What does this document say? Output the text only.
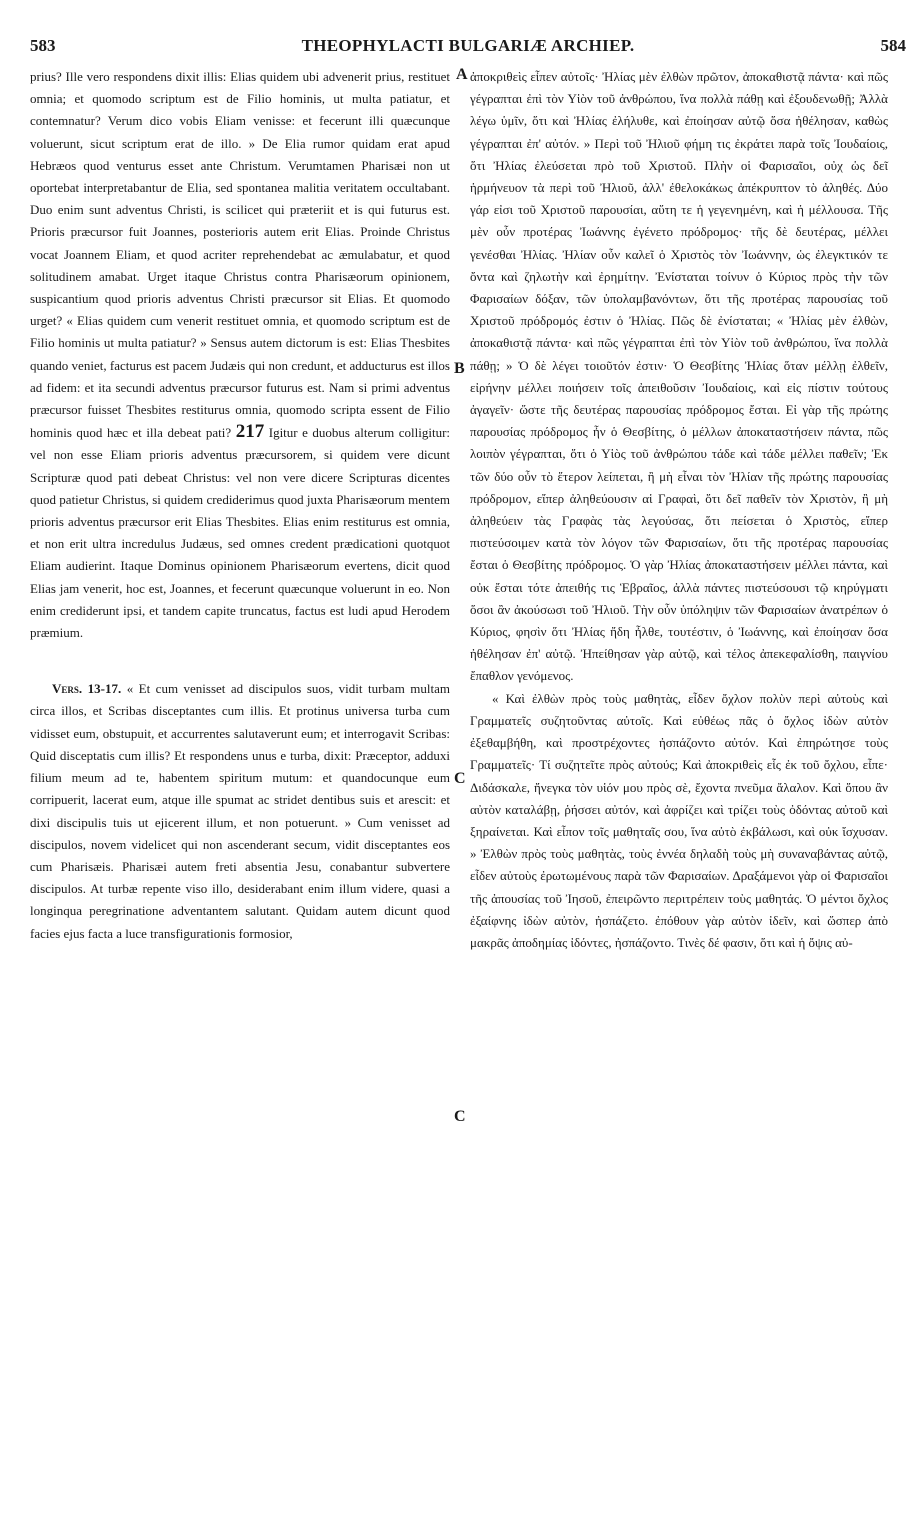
583	THEOPHYLACTI BULGARIÆ ARCHIEP.	584
A
B
C
C

prius? Ille vero respondens dixit illis: Elias quidem ubi advenerit prius, restituet omnia; et quomodo scriptum est de Filio hominis, ut multa patiatur, et contemnatur? Verum dico vobis Eliam venisse: et fecerunt illi quæcunque voluerunt, sicut scriptum erat de illo. » De Elia rumor quidam erat apud Hebræos quod venturus esset ante Christum. Verumtamen Pharisæi non ut oportebat interpretabantur de Elia, sed spontanea malitia veritatem occultabant. Duo enim sunt adventus Christi, is scilicet qui præteriit et is qui futurus est. Prioris præcursor fuit Joannes, posterioris autem erit Elias. Proinde Christus vocat Joannem Eliam, et quod acriter reprehendebat ac æmulabatur, et quod solitudinem amabat. Urget itaque Christus contra Pharisæorum opinionem, suspicantium quod prioris adventus Christi præcursor sit Elias. Et quomodo urget? « Elias quidem cum venerit restituet omnia, et quomodo scriptum est de Filio hominis ut multa patiatur? » Sensus autem dictorum is est: Elias Thesbites quando veniet, facturus est pacem Judæis qui non credunt, et adducturus est illos ad fidem: et ita secundi adventus præcursor futurus est. Nam si primi adventus præcursor fuisset Thesbites restiturus omnia, quomodo scripta essent de Filio hominis quod hæc et illa debeat pati? 217 Igitur e duobus alterum colligitur: vel non esse Eliam prioris adventus præcursorem, si quidem vere dicunt Scripturæ quod pati debeat Christus: vel non vere dicere Scripturas dicentes quod patietur Christus, si quidem crediderimus quod juxta Pharisæorum mentem prioris adventus præcursor erit Elias Thesbites. Elias enim restiturus est omnia, et non erit ultra incredulus Judæus, sed omnes credent prædicationi quotquot Eliam audierint. Itaque Dominus opinionem Pharisæorum evertens, dicit quod Elias jam venerit, hoc est, Joannes, et fecerunt quæcunque voluerunt in eo. Non enim crediderunt ipsi, et tandem capite truncatus, factus est ludi apud Herodem præmium.

Vers. 13-17. « Et cum venisset ad discipulos suos, vidit turbam multam circa illos, et Scribas disceptantes cum illis. Et protinus universa turba cum vidisset eum, obstupuit, et accurrentes salutaverunt eum; et interrogavit Scribas: Quid disceptatis cum illis? Et respondens unus e turba, dixit: Præceptor, adduxi filium meum ad te, habentem spiritum mutum: et quandocunque eum corripuerit, lacerat eum, atque ille spumat ac stridet dentibus suis et arescit: et dixi discipulis tuis ut ejicerent illum, et non potuerunt. » Cum venisset ad discipulos, novem videlicet qui non ascenderant secum, vidit disceptantes eos cum Pharisæis. Pharisæi autem freti absentia Jesu, conabantur subvertere discipulos. At turbæ repente viso illo, desiderabant enim illum videre, quasi a longinqua peregrinatione adventantem salutant. Quidam autem dicunt quod facies ejus facta a luce transfigurationis formosior,

ἀποκριθεὶς εἶπεν αὐτοῖς· Ἠλίας μὲν ἐλθὼν πρῶτον, ἀποκαθιστᾷ πάντα· καὶ πῶς γέγραπται ἐπὶ τὸν Υἱὸν τοῦ ἀνθρώπου, ἵνα πολλὰ πάθῃ καὶ ἐξουδενωθῇ; Ἀλλὰ λέγω ὑμῖν, ὅτι καὶ Ἠλίας ἐλήλυθε, καὶ ἐποίησαν αὐτῷ ὅσα ἠθέλησαν, καθὼς γέγραπται ἐπ' αὐτόν. » Περὶ τοῦ Ἠλιοῦ φήμη τις ἐκράτει παρὰ τοῖς Ἰουδαίοις, ὅτι Ἠλίας ἐλεύσεται πρὸ τοῦ Χριστοῦ. Πλὴν οἱ Φαρισαῖοι, οὐχ ὡς δεῖ ἡρμήνευον τὰ περὶ τοῦ Ἠλιοῦ, ἀλλ' ἐθελοκάκως ἀπέκρυπτον τὸ ἀληθές. Δύο γάρ εἰσι τοῦ Χριστοῦ παρουσίαι, αὕτη τε ἡ γεγενημένη, καὶ ἡ μέλλουσα. Τῆς μὲν οὖν προτέρας Ἰωάννης ἐγένετο πρόδρομος· τῆς δὲ δευτέρας, μέλλει γενέσθαι Ἠλίας. Ἠλίαν οὖν καλεῖ ὁ Χριστὸς τὸν Ἰωάννην, ὡς ἐλεγκτικόν τε ὄντα καὶ ζηλωτὴν καὶ ἐρημίτην. Ἐνίσταται τοίνυν ὁ Κύριος πρὸς τὴν τῶν Φαρισαίων δόξαν, τῶν ὑπολαμβανόντων, ὅτι τῆς προτέρας παρουσίας τοῦ Χριστοῦ πρόδρομός ἐστιν ὁ Ἠλίας. Πῶς δὲ ἐνίσταται; « Ἠλίας μὲν ἐλθὼν, ἀποκαθιστᾷ πάντα· καὶ πῶς γέγραπται ἐπὶ τὸν Υἱὸν τοῦ ἀνθρώπου, ἵνα πολλὰ πάθῃ; » Ὁ δὲ λέγει τοιοῦτόν ἐστιν· Ὁ Θεσβίτης Ἠλίας ὅταν μέλλῃ ἐλθεῖν, εἰρήνην μέλλει ποιήσειν τοῖς ἀπειθοῦσιν Ἰουδαίοις, καὶ εἰς πίστιν τούτους ἀγαγεῖν· ὥστε τῆς δευτέρας παρουσίας πρόδρομος ἔσται. Εἰ γὰρ τῆς πρώτης παρουσίας πρόδρομος ἦν ὁ Θεσβίτης, ὁ μέλλων ἀποκαταστήσειν πάντα, πῶς λοιπὸν γέγραπται, ὅτι ὁ Υἱὸς τοῦ ἀνθρώπου τάδε καὶ τάδε μέλλει παθεῖν; Ἐκ τῶν δύο οὖν τὸ ἕτερον λείπεται, ἢ μὴ εἶναι τὸν Ἠλίαν τῆς πρώτης παρουσίας πρόδρομον, εἴπερ ἀληθεύουσιν αἱ Γραφαὶ, ὅτι δεῖ παθεῖν τὸν Χριστὸν, ἢ μὴ ἀληθεύειν τὰς Γραφὰς τὰς λεγούσας, ὅτι πείσεται ὁ Χριστὸς, εἴπερ πιστεύσοιμεν κατὰ τὸν λόγον τῶν Φαρισαίων, ὅτι τῆς προτέρας παρουσίας ἔσται ὁ Θεσβίτης πρόδρομος. Ὁ γὰρ Ἠλίας ἀποκαταστήσειν μέλλει πάντα, καὶ οὐκ ἔσται τότε ἀπειθής τις Ἑβραῖος, ἀλλὰ πάντες πιστεύσουσι τῷ κηρύγματι ὅσοι ἂν ἀκούσωσι τοῦ Ἠλιοῦ. Τὴν οὖν ὑπόληψιν τῶν Φαρισαίων ἀνατρέπων ὁ Κύριος, φησὶν ὅτι Ἠλίας ἤδη ἦλθε, τουτέστιν, ὁ Ἰωάννης, καὶ ἐποίησαν ὅσα ἠθέλησαν ἐπ' αὐτῷ. Ἠπείθησαν γὰρ αὐτῷ, καὶ τέλος ἀπεκεφαλίσθη, παιγνίου ἔπαθλον γενόμενος.

« Καὶ ἐλθὼν πρὸς τοὺς μαθητὰς, εἶδεν ὄχλον πολὺν περὶ αὐτοὺς καὶ Γραμματεῖς συζητοῦντας αὐτοῖς. Καὶ εὐθέως πᾶς ὁ ὄχλος ἰδὼν αὐτὸν ἐξεθαμβήθη, καὶ προστρέχοντες ἠσπάζοντο αὐτόν. Καὶ ἐπηρώτησε τοὺς Γραμματεῖς· Τί συζητεῖτε πρὸς αὐτούς; Καὶ ἀποκριθεὶς εἷς ἐκ τοῦ ὄχλου, εἶπε· Διδάσκαλε, ἤνεγκα τὸν υἱόν μου πρὸς σὲ, ἔχοντα πνεῦμα ἄλαλον. Καὶ ὅπου ἂν αὐτὸν καταλάβῃ, ῥήσσει αὐτόν, καὶ ἀφρίζει καὶ τρίζει τοὺς ὀδόντας αὐτοῦ καὶ ξηραίνεται. Καὶ εἶπον τοῖς μαθηταῖς σου, ἵνα αὐτὸ ἐκβάλωσι, καὶ οὐκ ἴσχυσαν. » Ἐλθὼν πρὸς τοὺς μαθητὰς, τοὺς ἐννέα δηλαδὴ τοὺς μὴ συναναβάντας αὐτῷ, εἶδεν αὐτοὺς ἐρωτωμένους παρὰ τῶν Φαρισαίων. Δραξάμενοι γὰρ οἱ Φαρισαῖοι τῆς ἀπουσίας τοῦ Ἰησοῦ, ἐπειρῶντο περιτρέπειν τοὺς μαθητάς. Ὁ μέντοι ὄχλος ἐξαίφνης ἰδὼν αὐτὸν, ἠσπάζετο. ἐπόθουν γὰρ αὐτὸν ἰδεῖν, καὶ ὥσπερ ἀπὸ μακρᾶς ἀποδημίας ἰδόντες, ἠσπάζοντο. Τινὲς δέ φασιν, ὅτι καὶ ἡ ὄψις αὐ-
